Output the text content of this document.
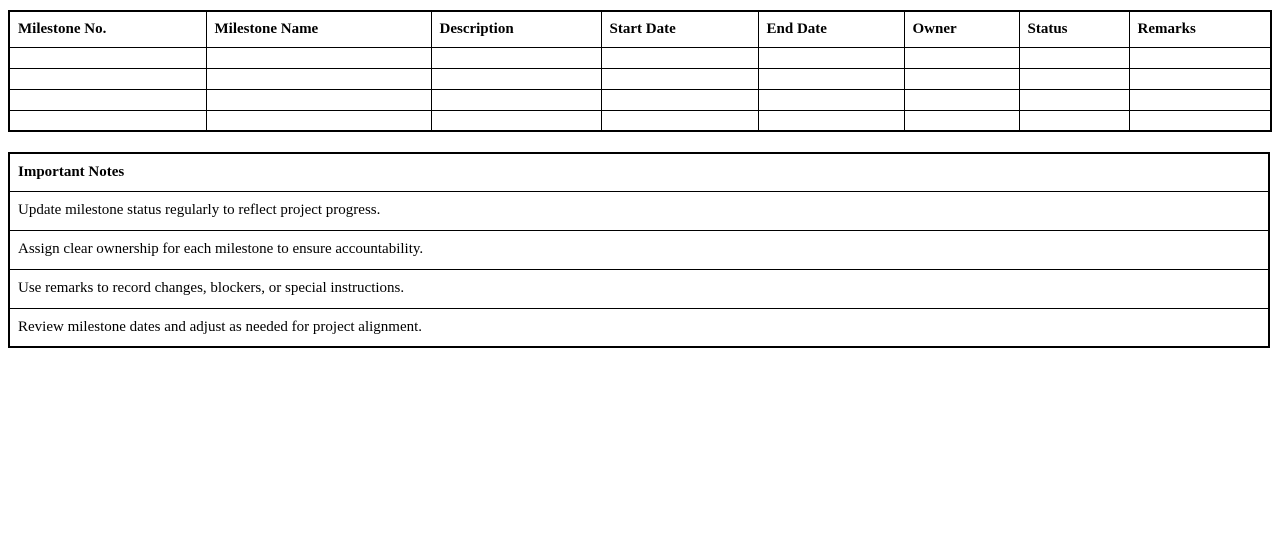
Milestone No.	Milestone Name	Description	Start Date	End Date	Owner	Status	Remarks

Important Notes
Update milestone status regularly to reflect project progress.
Assign clear ownership for each milestone to ensure accountability.
Use remarks to record changes, blockers, or special instructions.
Review milestone dates and adjust as needed for project alignment.
